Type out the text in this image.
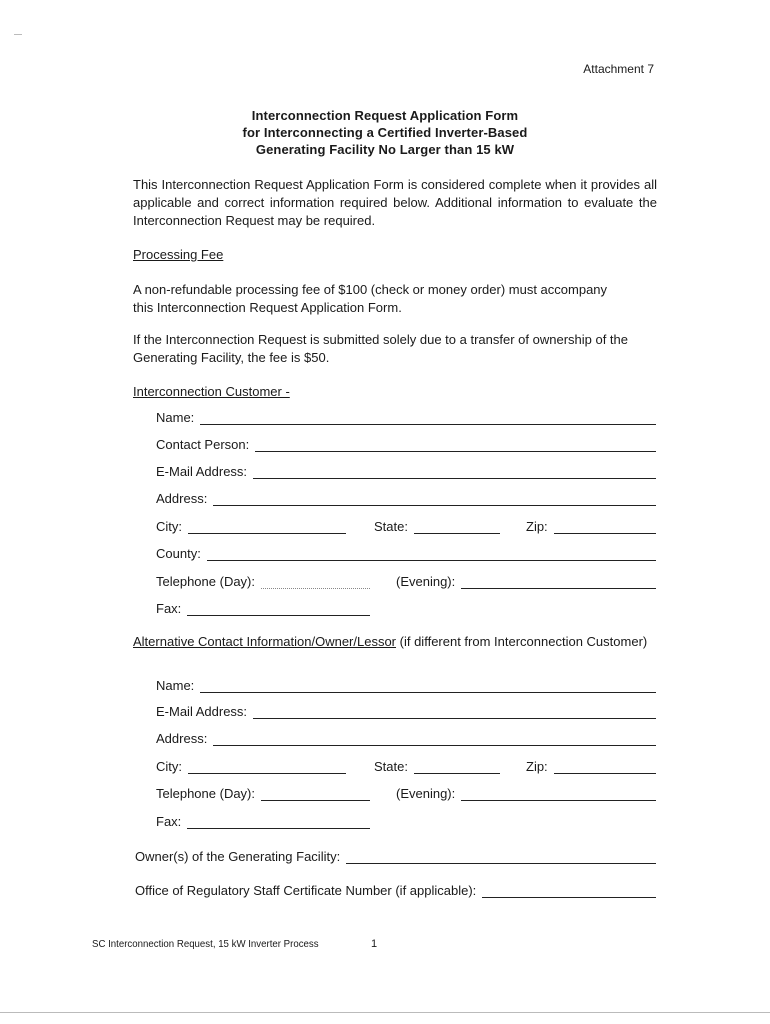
Attachment 7
Interconnection Request Application Form
for Interconnecting a Certified Inverter-Based
Generating Facility No Larger than 15 kW
This Interconnection Request Application Form is considered complete when it provides all applicable and correct information required below. Additional information to evaluate the Interconnection Request may be required.
Processing Fee
A non-refundable processing fee of $100 (check or money order) must accompany this Interconnection Request Application Form.
If the Interconnection Request is submitted solely due to a transfer of ownership of the Generating Facility, the fee is $50.
Interconnection Customer -
Name:
Contact Person:
E-Mail Address:
Address:
City:	State:	Zip:
County:
Telephone (Day):	(Evening):
Fax:
Alternative Contact Information/Owner/Lessor (if different from Interconnection Customer)
Name:
E-Mail Address:
Address:
City:	State:	Zip:
Telephone (Day):	(Evening):
Fax:
Owner(s) of the Generating Facility:
Office of Regulatory Staff Certificate Number (if applicable):
SC Interconnection Request, 15 kW Inverter Process	1
